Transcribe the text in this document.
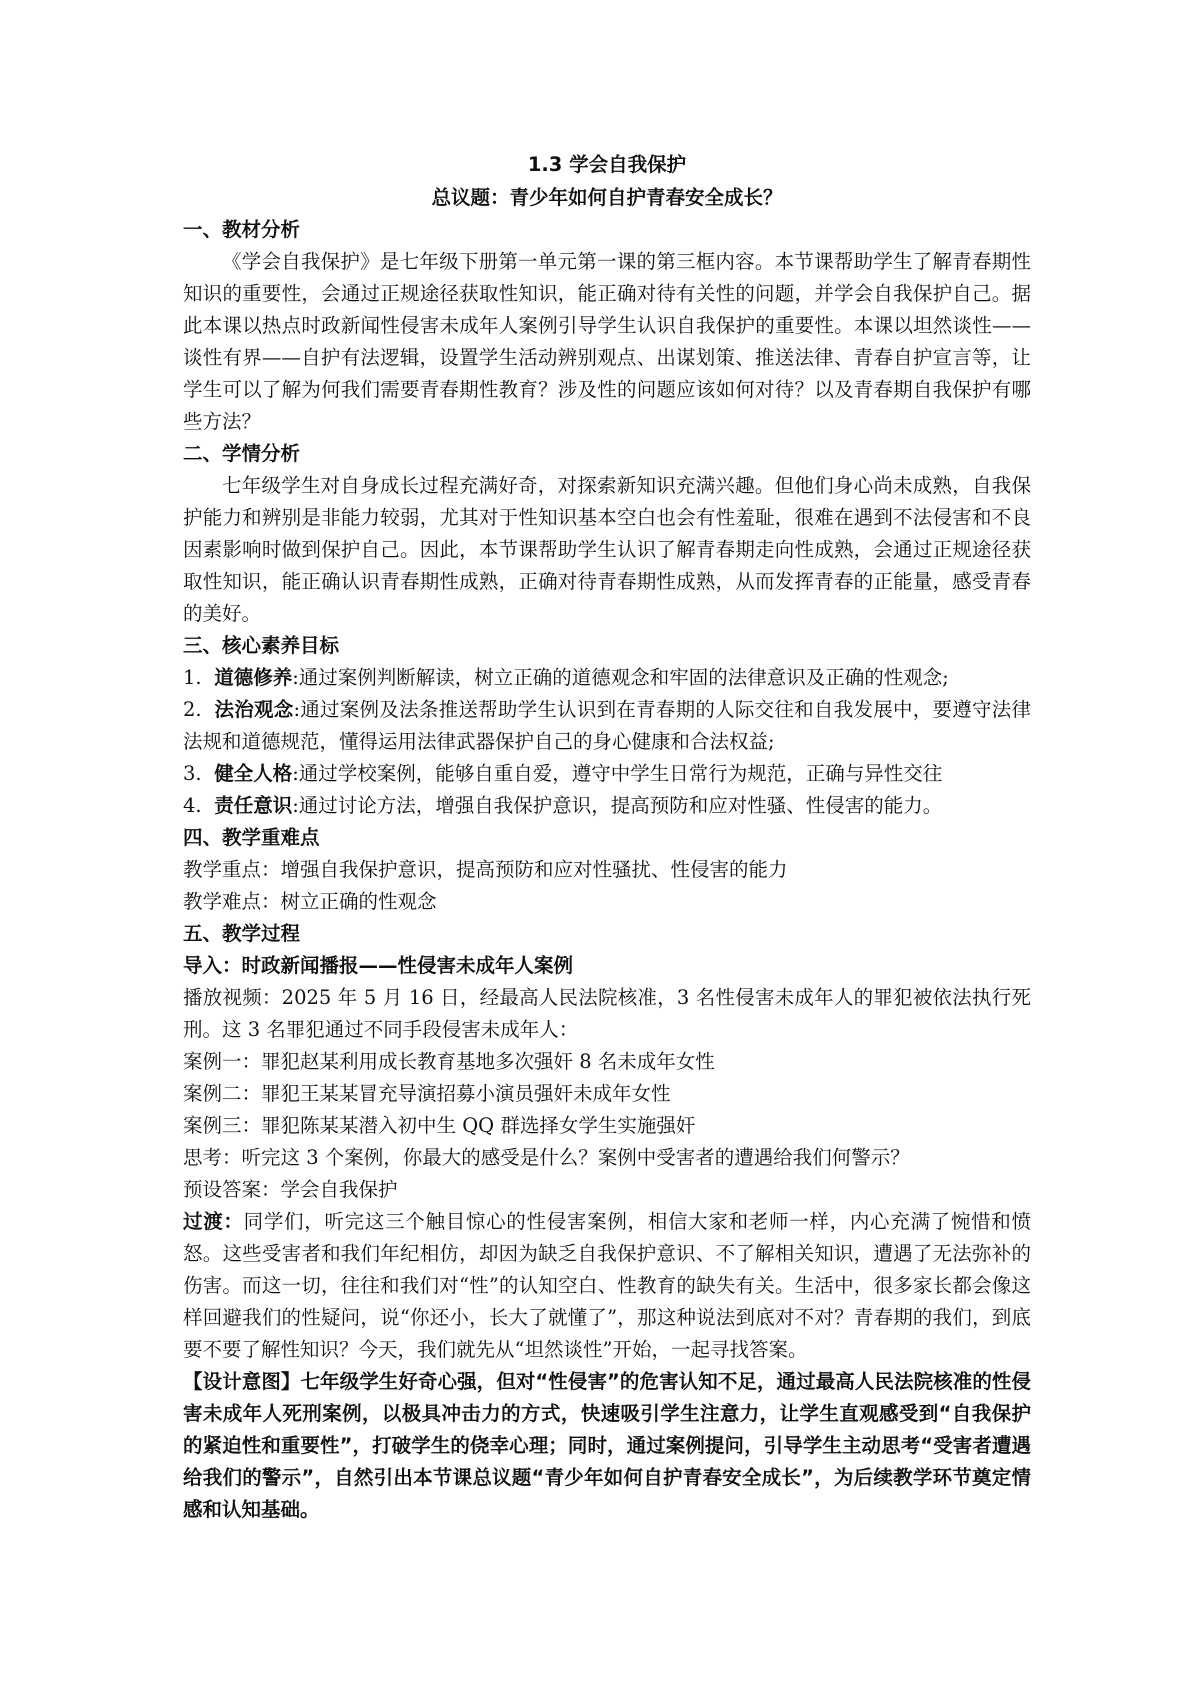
1.3 学会自我保护
总议题：青少年如何自护青春安全成长？
一、教材分析

《学会自我保护》是七年级下册第一单元第一课的第三框内容。本节课帮助学生了解青春期性知识的重要性，会通过正规途径获取性知识，能正确对待有关性的问题，并学会自我保护自己。据此本课以热点时政新闻性侵害未成年人案例引导学生认识自我保护的重要性。本课以坦然谈性——谈性有界——自护有法逻辑，设置学生活动辨别观点、出谋划策、推送法律、青春自护宣言等，让学生可以了解为何我们需要青春期性教育？涉及性的问题应该如何对待？以及青春期自我保护有哪些方法？

二、学情分析

七年级学生对自身成长过程充满好奇，对探索新知识充满兴趣。但他们身心尚未成熟，自我保护能力和辨别是非能力较弱，尤其对于性知识基本空白也会有性羞耻，很难在遇到不法侵害和不良因素影响时做到保护自己。因此，本节课帮助学生认识了解青春期走向性成熟，会通过正规途径获取性知识，能正确认识青春期性成熟，正确对待青春期性成熟，从而发挥青春的正能量，感受青春的美好。

三、核心素养目标

1. 道德修养:通过案例判断解读，树立正确的道德观念和牢固的法律意识及正确的性观念;

2. 法治观念:通过案例及法条推送帮助学生认识到在青春期的人际交往和自我发展中，要遵守法律法规和道德规范，懂得运用法律武器保护自己的身心健康和合法权益;

3. 健全人格:通过学校案例，能够自重自爱，遵守中学生日常行为规范，正确与异性交往

4. 责任意识:通过讨论方法，增强自我保护意识，提高预防和应对性骚、性侵害的能力。

四、教学重难点

教学重点：增强自我保护意识，提高预防和应对性骚扰、性侵害的能力

教学难点：树立正确的性观念

五、教学过程
导入：时政新闻播报——性侵害未成年人案例

播放视频：2025 年 5 月 16 日，经最高人民法院核准，3 名性侵害未成年人的罪犯被依法执行死刑。这 3 名罪犯通过不同手段侵害未成年人：

案例一：罪犯赵某利用成长教育基地多次强奸 8 名未成年女性

案例二：罪犯王某某冒充导演招募小演员强奸未成年女性

案例三：罪犯陈某某潜入初中生 QQ 群选择女学生实施强奸

思考：听完这 3 个案例，你最大的感受是什么？案例中受害者的遭遇给我们何警示？

预设答案：学会自我保护

过渡：同学们，听完这三个触目惊心的性侵害案例，相信大家和老师一样，内心充满了惋惜和愤怒。这些受害者和我们年纪相仿，却因为缺乏自我保护意识、不了解相关知识，遭遇了无法弥补的伤害。而这一切，往往和我们对“性”的认知空白、性教育的缺失有关。生活中，很多家长都会像这样回避我们的性疑问，说“你还小，长大了就懂了”，那这种说法到底对不对？青春期的我们，到底要不要了解性知识？今天，我们就先从“坦然谈性”开始，一起寻找答案。

【设计意图】七年级学生好奇心强，但对“性侵害”的危害认知不足，通过最高人民法院核准的性侵害未成年人死刑案例，以极具冲击力的方式，快速吸引学生注意力，让学生直观感受到“自我保护的紧迫性和重要性”，打破学生的侥幸心理；同时，通过案例提问，引导学生主动思考“受害者遭遇给我们的警示”，自然引出本节课总议题“青少年如何自护青春安全成长”，为后续教学环节奠定情感和认知基础。
